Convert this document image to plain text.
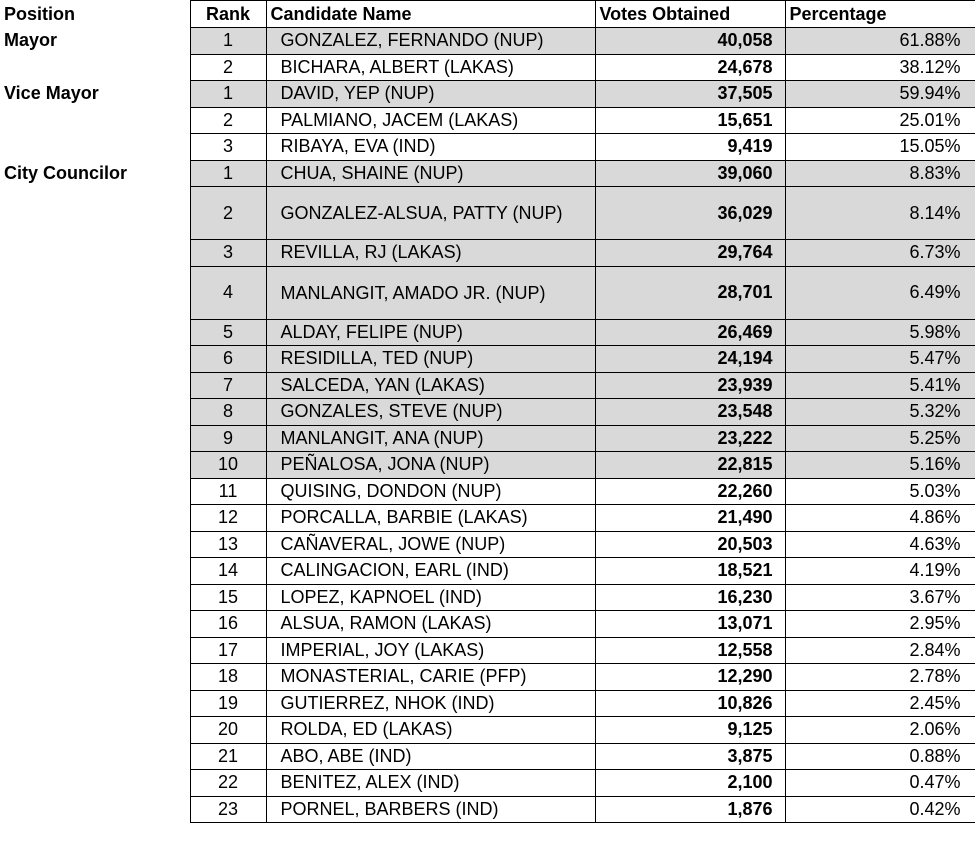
Position	Rank	Candidate Name	Votes Obtained	Percentage
Mayor	1	GONZALEZ, FERNANDO (NUP)	40,058	61.88%
	2	BICHARA, ALBERT (LAKAS)	24,678	38.12%
Vice Mayor	1	DAVID, YEP (NUP)	37,505	59.94%
	2	PALMIANO, JACEM (LAKAS)	15,651	25.01%
	3	RIBAYA, EVA (IND)	9,419	15.05%
City Councilor	1	CHUA, SHAINE (NUP)	39,060	8.83%
	2	GONZALEZ-ALSUA, PATTY (NUP)	36,029	8.14%
	3	REVILLA, RJ (LAKAS)	29,764	6.73%
	4	MANLANGIT, AMADO JR. (NUP)	28,701	6.49%
	5	ALDAY, FELIPE (NUP)	26,469	5.98%
	6	RESIDILLA, TED (NUP)	24,194	5.47%
	7	SALCEDA, YAN (LAKAS)	23,939	5.41%
	8	GONZALES, STEVE (NUP)	23,548	5.32%
	9	MANLANGIT, ANA (NUP)	23,222	5.25%
	10	PEÑALOSA, JONA (NUP)	22,815	5.16%
	11	QUISING, DONDON (NUP)	22,260	5.03%
	12	PORCALLA, BARBIE (LAKAS)	21,490	4.86%
	13	CAÑAVERAL, JOWE (NUP)	20,503	4.63%
	14	CALINGACION, EARL (IND)	18,521	4.19%
	15	LOPEZ, KAPNOEL (IND)	16,230	3.67%
	16	ALSUA, RAMON (LAKAS)	13,071	2.95%
	17	IMPERIAL, JOY (LAKAS)	12,558	2.84%
	18	MONASTERIAL, CARIE (PFP)	12,290	2.78%
	19	GUTIERREZ, NHOK (IND)	10,826	2.45%
	20	ROLDA, ED (LAKAS)	9,125	2.06%
	21	ABO, ABE (IND)	3,875	0.88%
	22	BENITEZ, ALEX (IND)	2,100	0.47%
	23	PORNEL, BARBERS (IND)	1,876	0.42%
